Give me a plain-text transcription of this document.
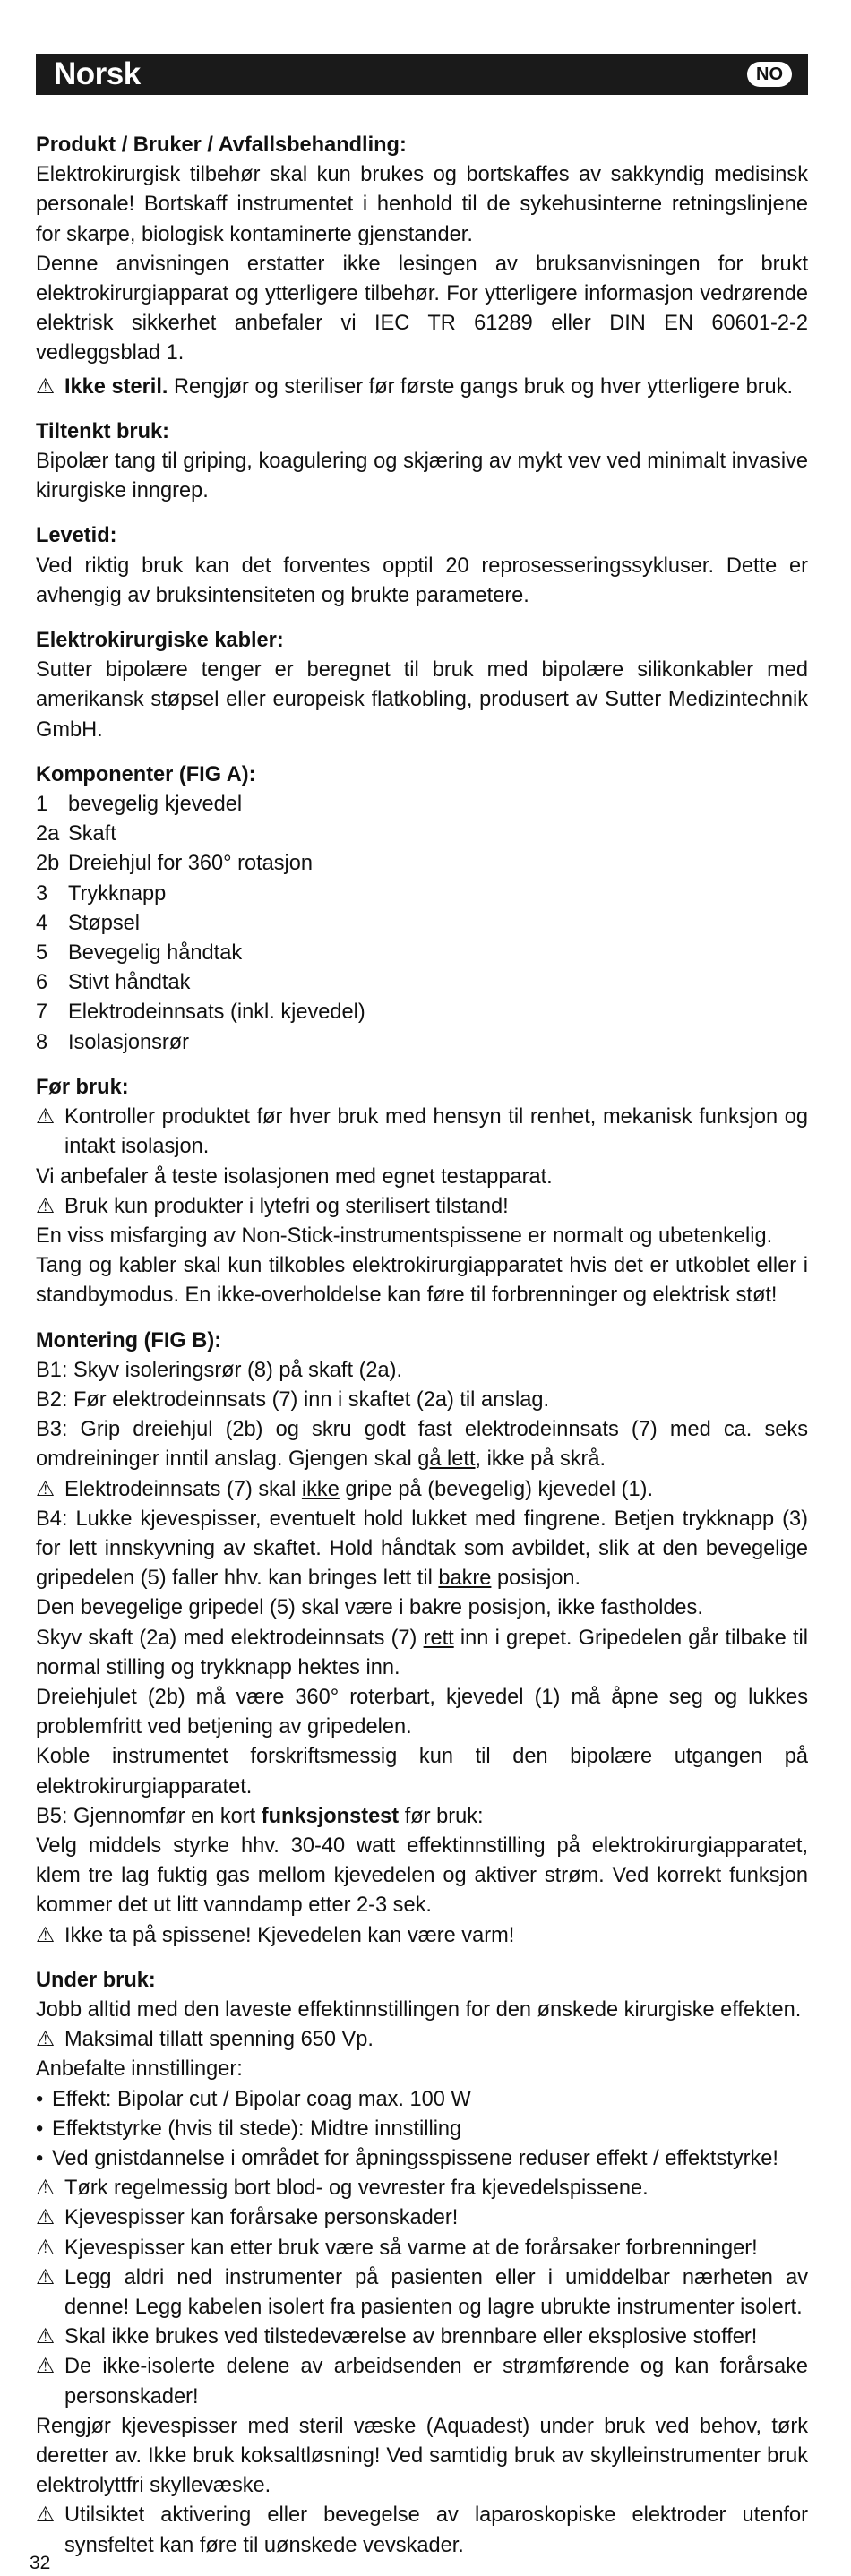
Norsk	NO

Produkt / Bruker / Avfallsbehandling:

Elektrokirurgisk tilbehør skal kun brukes og bortskaffes av sakkyndig medisinsk personale! Bortskaff instrumentet i henhold til de sykehusinterne retningslinjene for skarpe, biologisk kontaminerte gjenstander.

Denne anvisningen erstatter ikke lesingen av bruksanvisningen for brukt elektrokirurgiapparat og ytterligere tilbehør. For ytterligere informasjon vedrørende elektrisk sikkerhet anbefaler vi IEC TR 61289 eller DIN EN 60601-2-2 vedleggsblad 1.

⚠ Ikke steril. Rengjør og steriliser før første gangs bruk og hver ytterligere bruk.

Tiltenkt bruk:

Bipolær tang til griping, koagulering og skjæring av mykt vev ved minimalt invasive kirurgiske inngrep.

Levetid:

Ved riktig bruk kan det forventes opptil 20 reprosesseringssykluser. Dette er avhengig av bruksintensiteten og brukte parametere.

Elektrokirurgiske kabler:

Sutter bipolære tenger er beregnet til bruk med bipolære silikonkabler med amerikansk støpsel eller europeisk flatkobling, produsert av Sutter Medizintechnik GmbH.

Komponenter (FIG A):

1 bevegelig kjevedel
2a Skaft
2b Dreiehjul for 360° rotasjon
3 Trykknapp
4 Støpsel
5 Bevegelig håndtak
6 Stivt håndtak
7 Elektrodeinnsats (inkl. kjevedel)
8 Isolasjonsrør

Før bruk:

⚠ Kontroller produktet før hver bruk med hensyn til renhet, mekanisk funksjon og intakt isolasjon.

Vi anbefaler å teste isolasjonen med egnet testapparat.

⚠ Bruk kun produkter i lytefri og sterilisert tilstand!

En viss misfarging av Non-Stick-instrumentspissene er normalt og ubetenkelig.

Tang og kabler skal kun tilkobles elektrokirurgiapparatet hvis det er utkoblet eller i standbymodus. En ikke-overholdelse kan føre til forbrenninger og elektrisk støt!

Montering (FIG B):

B1: Skyv isoleringsrør (8) på skaft (2a).

B2: Før elektrodeinnsats (7) inn i skaftet (2a) til anslag.

B3: Grip dreiehjul (2b) og skru godt fast elektrodeinnsats (7) med ca. seks omdreininger inntil anslag. Gjengen skal gå lett, ikke på skrå.

⚠ Elektrodeinnsats (7) skal ikke gripe på (bevegelig) kjevedel (1).

B4: Lukke kjevespisser, eventuelt hold lukket med fingrene. Betjen trykknapp (3) for lett innskyvning av skaftet. Hold håndtak som avbildet, slik at den bevegelige gripedelen (5) faller hhv. kan bringes lett til bakre posisjon.

Den bevegelige gripedel (5) skal være i bakre posisjon, ikke fastholdes.

Skyv skaft (2a) med elektrodeinnsats (7) rett inn i grepet. Gripedelen går tilbake til normal stilling og trykknapp hektes inn.

Dreiehjulet (2b) må være 360° roterbart, kjevedel (1) må åpne seg og lukkes problemfritt ved betjening av gripedelen.

Koble instrumentet forskriftsmessig kun til den bipolære utgangen på elektrokirurgiapparatet.

B5: Gjennomfør en kort funksjonstest før bruk:

Velg middels styrke hhv. 30-40 watt effektinnstilling på elektrokirurgiapparatet, klem tre lag fuktig gas mellom kjevedelen og aktiver strøm. Ved korrekt funksjon kommer det ut litt vanndamp etter 2-3 sek.

⚠ Ikke ta på spissene! Kjevedelen kan være varm!

Under bruk:

Jobb alltid med den laveste effektinnstillingen for den ønskede kirurgiske effekten.

⚠ Maksimal tillatt spenning 650 Vp.

Anbefalte innstillinger:

• Effekt: Bipolar cut / Bipolar coag max. 100 W
• Effektstyrke (hvis til stede): Midtre innstilling
• Ved gnistdannelse i området for åpningsspissene reduser effekt / effektstyrke!
⚠ Tørk regelmessig bort blod- og vevrester fra kjevedelspissene.
⚠ Kjevespisser kan forårsake personskader!
⚠ Kjevespisser kan etter bruk være så varme at de forårsaker forbrenninger!
⚠ Legg aldri ned instrumenter på pasienten eller i umiddelbar nærheten av denne! Legg kabelen isolert fra pasienten og lagre ubrukte instrumenter isolert.
⚠ Skal ikke brukes ved tilstedeværelse av brennbare eller eksplosive stoffer!
⚠ De ikke-isolerte delene av arbeidsenden er strømførende og kan forårsake personskader!

Rengjør kjevespisser med steril væske (Aquadest) under bruk ved behov, tørk deretter av. Ikke bruk koksaltløsning! Ved samtidig bruk av skylleinstrumenter bruk elektrolyttfri skyllevæske.

⚠ Utilsiktet aktivering eller bevegelse av laparoskopiske elektroder utenfor synsfeltet kan føre til uønskede vevskader.
32
